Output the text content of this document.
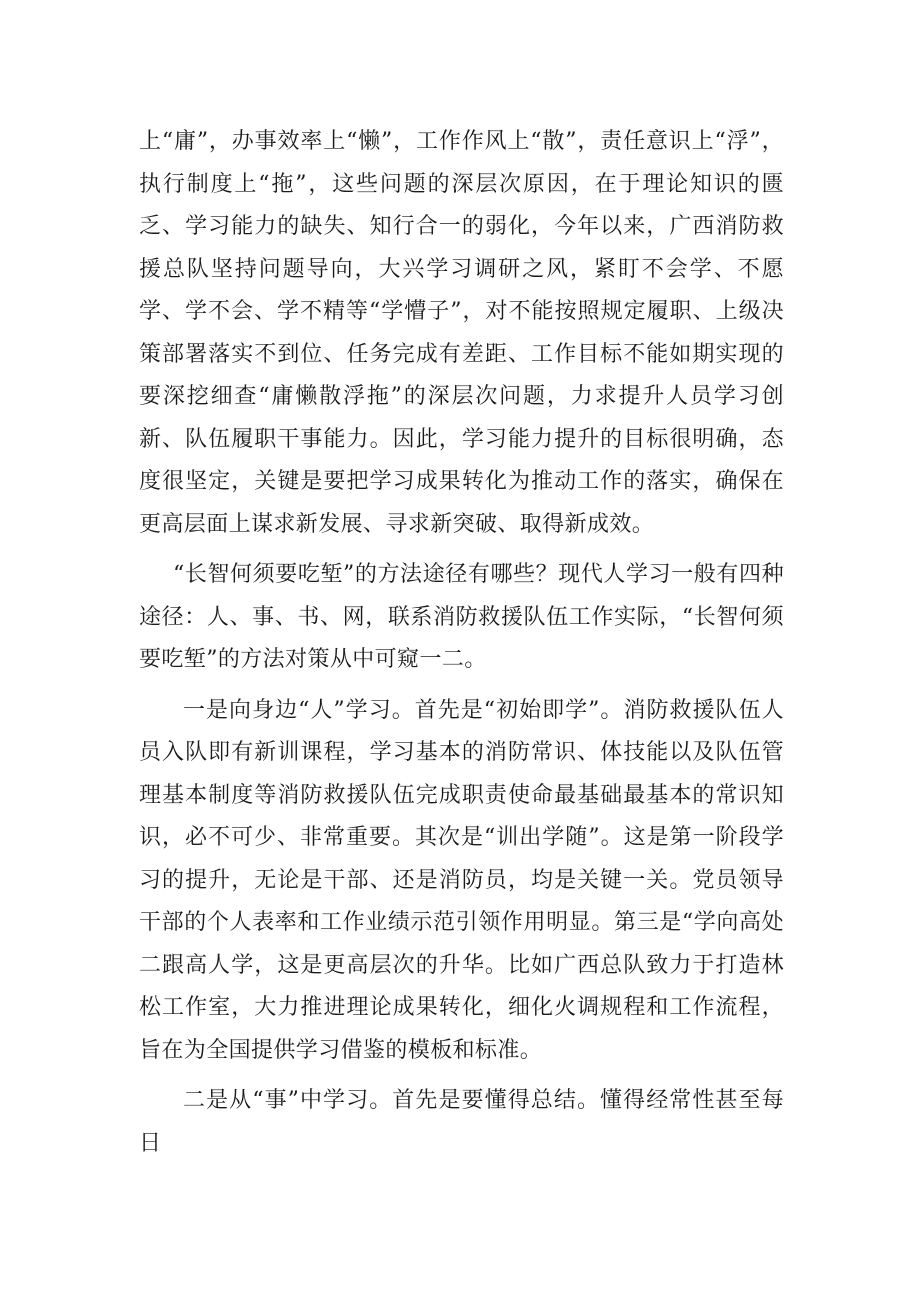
上“庸”，办事效率上“懒”，工作作风上“散”，责任意识上“浮”，执行制度上“拖”，这些问题的深层次原因，在于理论知识的匮乏、学习能力的缺失、知行合一的弱化，今年以来，广西消防救援总队坚持问题导向，大兴学习调研之风，紧盯不会学、不愿学、学不会、学不精等“学懵子”，对不能按照规定履职、上级决策部署落实不到位、任务完成有差距、工作目标不能如期实现的要深挖细查“庸懒散浮拖”的深层次问题，力求提升人员学习创新、队伍履职干事能力。因此，学习能力提升的目标很明确，态度很坚定，关键是要把学习成果转化为推动工作的落实，确保在更高层面上谋求新发展、寻求新突破、取得新成效。

“长智何须要吃堑”的方法途径有哪些？现代人学习一般有四种途径：人、事、书、网，联系消防救援队伍工作实际，“长智何须要吃堑”的方法对策从中可窥一二。

一是向身边“人”学习。首先是“初始即学”。消防救援队伍人员入队即有新训课程，学习基本的消防常识、体技能以及队伍管理基本制度等消防救援队伍完成职责使命最基础最基本的常识知识，必不可少、非常重要。其次是“训出学随”。这是第一阶段学习的提升，无论是干部、还是消防员，均是关键一关。党员领导干部的个人表率和工作业绩示范引领作用明显。第三是“学向高处二跟高人学，这是更高层次的升华。比如广西总队致力于打造林松工作室，大力推进理论成果转化，细化火调规程和工作流程，旨在为全国提供学习借鉴的模板和标准。

二是从“事”中学习。首先是要懂得总结。懂得经常性甚至每日
